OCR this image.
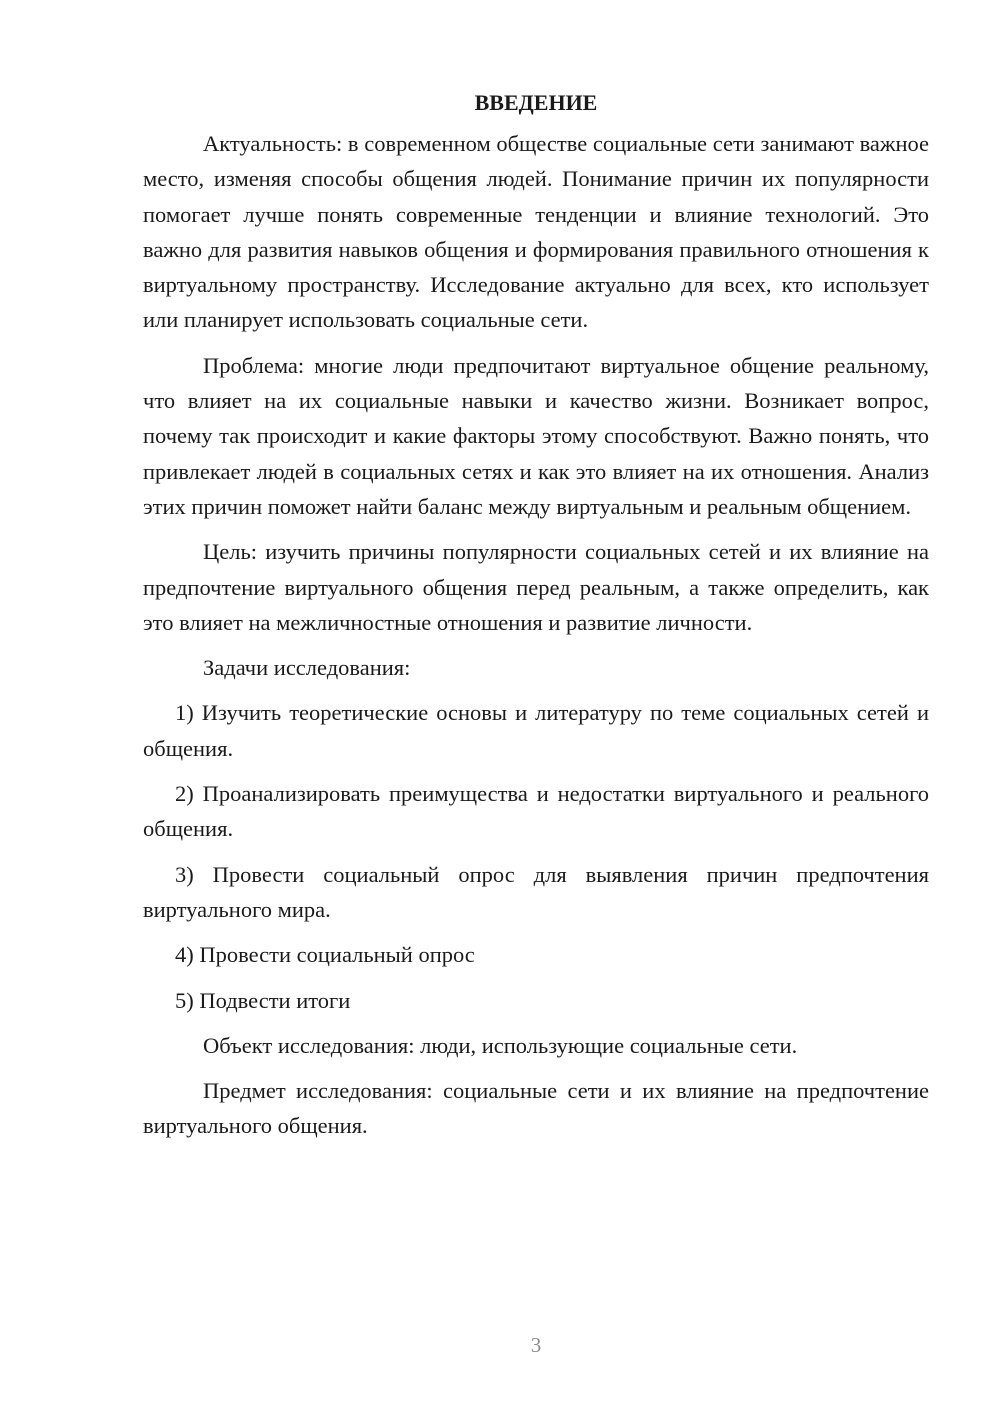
ВВЕДЕНИЕ
Актуальность: в современном обществе социальные сети занимают важное место, изменяя способы общения людей. Понимание причин их популярности помогает лучше понять современные тенденции и влияние технологий. Это важно для развития навыков общения и формирования правильного отношения к виртуальному пространству. Исследование актуально для всех, кто использует или планирует использовать социальные сети.
Проблема: многие люди предпочитают виртуальное общение реальному, что влияет на их социальные навыки и качество жизни. Возникает вопрос, почему так происходит и какие факторы этому способствуют. Важно понять, что привлекает людей в социальных сетях и как это влияет на их отношения. Анализ этих причин поможет найти баланс между виртуальным и реальным общением.
Цель: изучить причины популярности социальных сетей и их влияние на предпочтение виртуального общения перед реальным, а также определить, как это влияет на межличностные отношения и развитие личности.
Задачи исследования:
1) Изучить теоретические основы и литературу по теме социальных сетей и общения.
2) Проанализировать преимущества и недостатки виртуального и реального общения.
3) Провести социальный опрос для выявления причин предпочтения виртуального мира.
4) Провести социальный опрос
5) Подвести итоги
Объект исследования: люди, использующие социальные сети.
Предмет исследования: социальные сети и их влияние на предпочтение виртуального общения.
3
